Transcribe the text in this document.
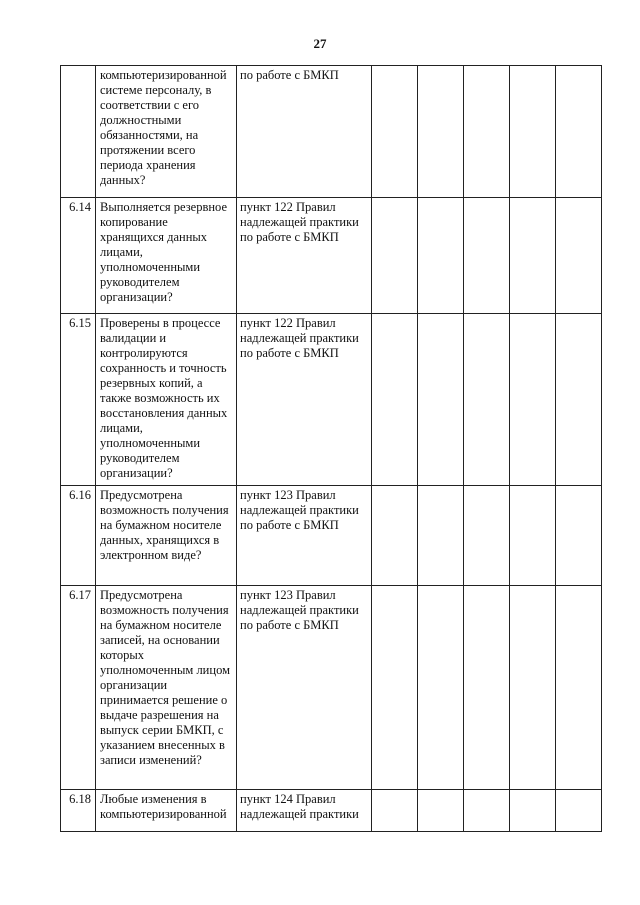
27
	компьютеризированной системе персоналу, в соответствии с его должностными обязанностями, на протяжении всего периода хранения данных?	по работе с БМКП					
6.14	Выполняется резервное копирование хранящихся данных лицами, уполномоченными руководителем организации?	пункт 122 Правил надлежащей практики по работе с БМКП					
6.15	Проверены в процессе валидации и контролируются сохранность и точность резервных копий, а также возможность их восстановления данных лицами, уполномоченными руководителем организации?	пункт 122 Правил надлежащей практики по работе с БМКП					
6.16	Предусмотрена возможность получения на бумажном носителе данных, хранящихся в электронном виде?	пункт 123 Правил надлежащей практики по работе с БМКП					
6.17	Предусмотрена возможность получения на бумажном носителе записей, на основании которых уполномоченным лицом организации принимается решение о выдаче разрешения на выпуск серии БМКП, с указанием внесенных в записи изменений?	пункт 123 Правил надлежащей практики по работе с БМКП					
6.18	Любые изменения в компьютеризированной	пункт 124 Правил надлежащей практики					
